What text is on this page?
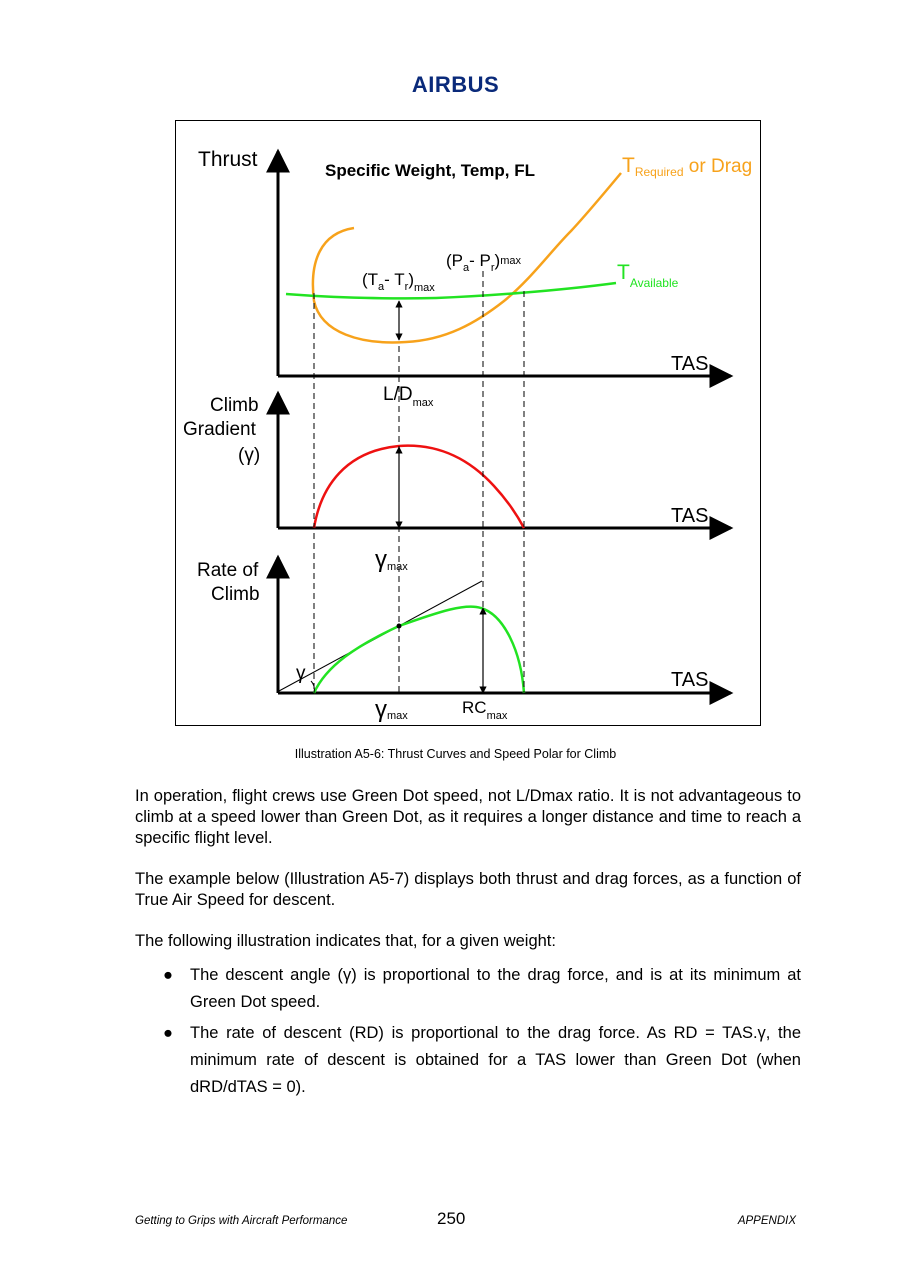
AIRBUS
Thrust
TAS
Specific Weight, Temp, FL	$T_{Required}$ or Drag
$T_{Available}$
($T_a-$ $T_r)_{max}$
($P_a-$ $P_r)\max$
$L/D_{max}$
Climb
Gradient
(γ)
TAS
γmax
Rate of
Climb
TAS
γ
γmax	$RC_{max}$
Illustration A5-6: Thrust Curves and Speed Polar for Climb
In operation, flight crews use Green Dot speed, not L/Dmax ratio. It is not advantageous to climb at a speed lower than Green Dot, as it requires a longer distance and time to reach a specific flight level.
The example below (Illustration A5-7) displays both thrust and drag forces, as a function of True Air Speed for descent.
The following illustration indicates that, for a given weight:
● The descent angle (γ) is proportional to the drag force, and is at its minimum at Green Dot speed.
● The rate of descent (RD) is proportional to the drag force. As RD = TAS.γ, the minimum rate of descent is obtained for a TAS lower than Green Dot (when dRD/dTAS = 0).
Getting to Grips with Aircraft Performance	250	APPENDIX
